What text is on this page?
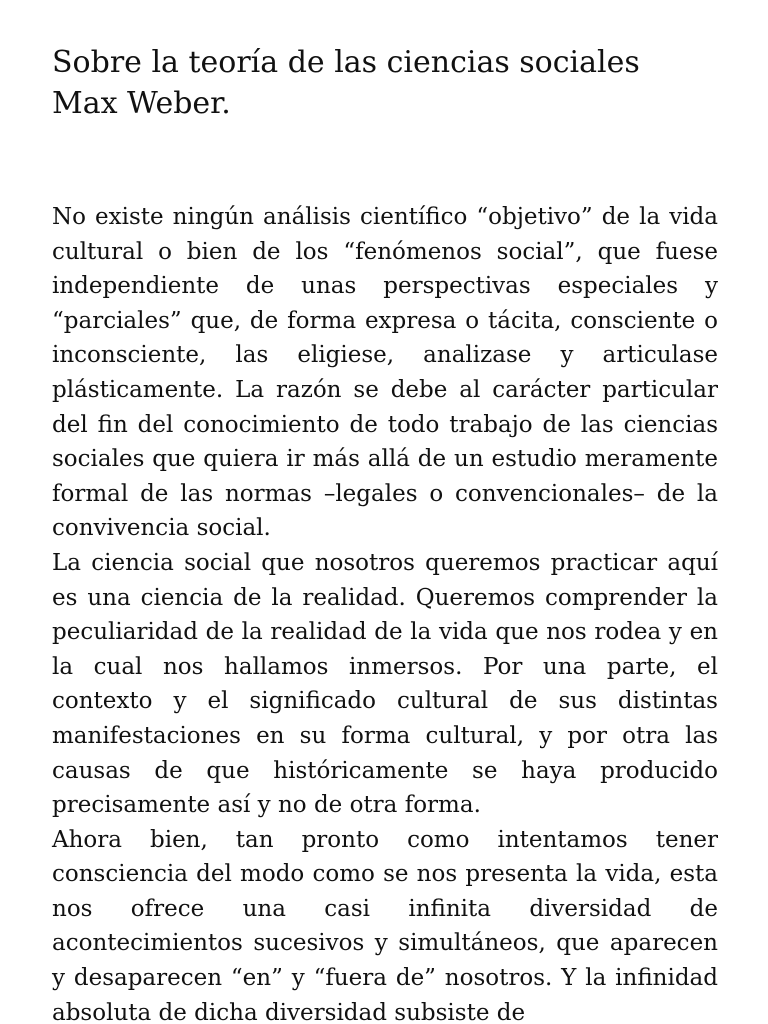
Sobre la teoría de las ciencias sociales
Max Weber.

No existe ningún análisis científico “objetivo” de la vida cultural o bien de los “fenómenos social”, que fuese independiente de unas perspectivas especiales y “parciales” que, de forma expresa o tácita, consciente o inconsciente, las eligiese, analizase y articulase plásticamente. La razón se debe al carácter particular del fin del conocimiento de todo trabajo de las ciencias sociales que quiera ir más allá de un estudio meramente formal de las normas –legales o convencionales– de la convivencia social.

La ciencia social que nosotros queremos practicar aquí es una ciencia de la realidad. Queremos comprender la peculiaridad de la realidad de la vida que nos rodea y en la cual nos hallamos inmersos. Por una parte, el contexto y el significado cultural de sus distintas manifestaciones en su forma cultural, y por otra las causas de que históricamente se haya producido precisamente así y no de otra forma.

Ahora bien, tan pronto como intentamos tener consciencia del modo como se nos presenta la vida, esta nos ofrece una casi infinita diversidad de acontecimientos sucesivos y simultáneos, que aparecen y desaparecen “en” y “fuera de” nosotros. Y la infinidad absoluta de dicha diversidad subsiste de
